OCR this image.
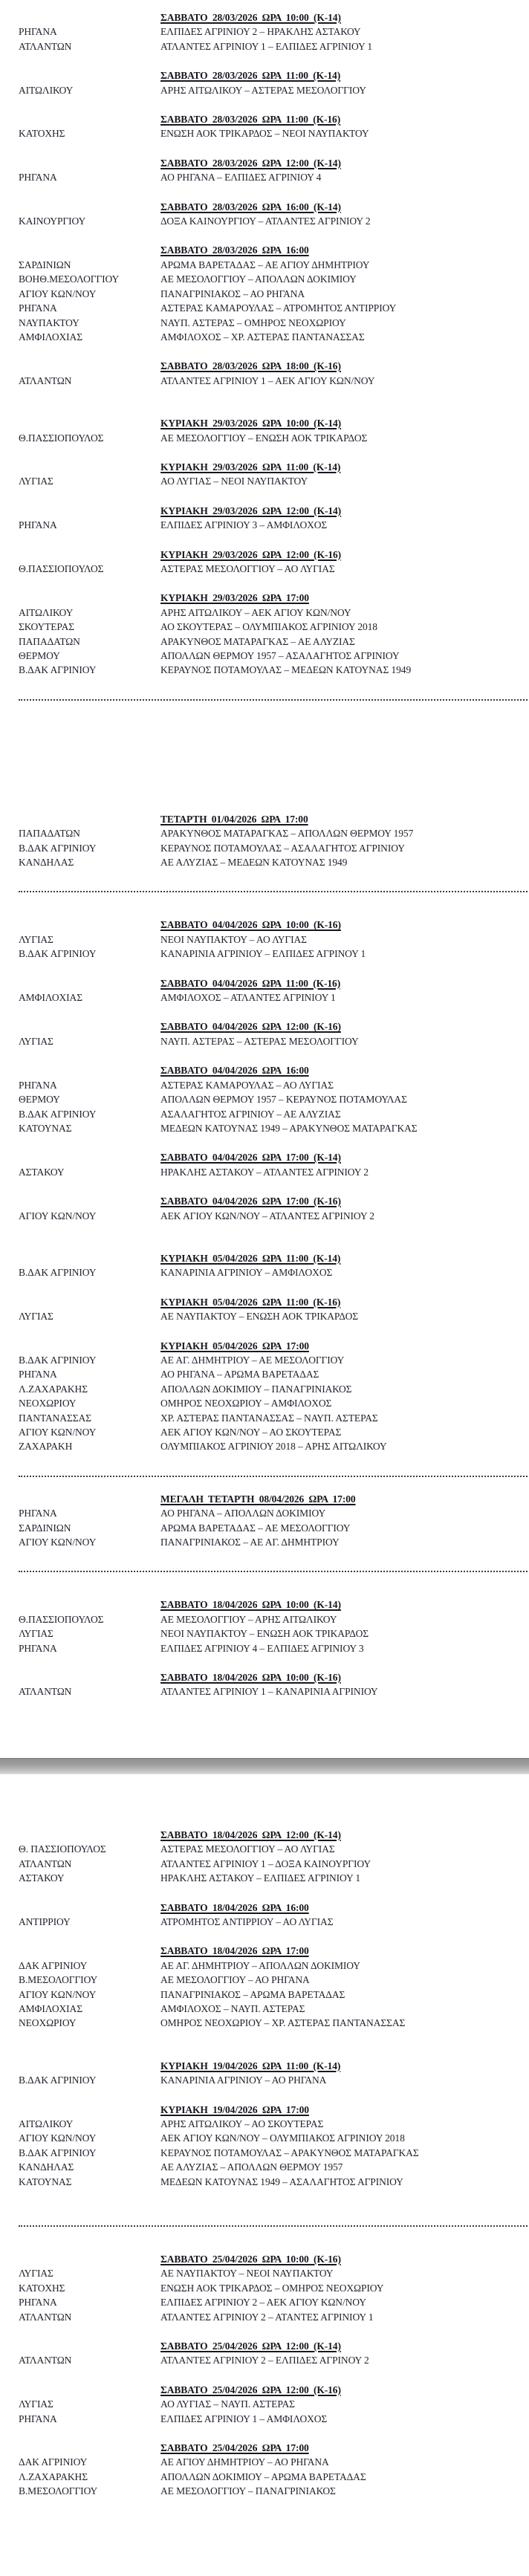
ΣΑΒΒΑΤΟ 28/03/2026 ΩΡΑ 10:00 (Κ-14)
ΡΗΓΑΝΑ	ΕΛΠΙΔΕΣ ΑΓΡΙΝΙΟΥ 2 – ΗΡΑΚΛΗΣ ΑΣΤΑΚΟΥ
ΑΤΛΑΝΤΩΝ	ΑΤΛΑΝΤΕΣ ΑΓΡΙΝΙΟΥ 1 – ΕΛΠΙΔΕΣ ΑΓΡΙΝΙΟΥ 1
ΣΑΒΒΑΤΟ 28/03/2026 ΩΡΑ 11:00 (Κ-14)
ΑΙΤΩΛΙΚΟΥ	ΑΡΗΣ ΑΙΤΩΛΙΚΟΥ – ΑΣΤΕΡΑΣ ΜΕΣΟΛΟΓΓΙΟΥ
ΣΑΒΒΑΤΟ 28/03/2026 ΩΡΑ 11:00 (Κ-16)
ΚΑΤΟΧΗΣ	ΕΝΩΣΗ ΑΟΚ ΤΡΙΚΑΡΔΟΣ – ΝΕΟΙ ΝΑΥΠΑΚΤΟΥ
ΣΑΒΒΑΤΟ 28/03/2026 ΩΡΑ 12:00 (Κ-14)
ΡΗΓΑΝΑ	ΑΟ ΡΗΓΑΝΑ – ΕΛΠΙΔΕΣ ΑΓΡΙΝΙΟΥ 4
ΣΑΒΒΑΤΟ 28/03/2026 ΩΡΑ 16:00 (Κ-14)
ΚΑΙΝΟΥΡΓΙΟΥ	ΔΟΞΑ ΚΑΙΝΟΥΡΓΙΟΥ – ΑΤΛΑΝΤΕΣ ΑΓΡΙΝΙΟΥ 2
ΣΑΒΒΑΤΟ 28/03/2026 ΩΡΑ 16:00
ΣΑΡΔΙΝΙΩΝ	ΑΡΩΜΑ ΒΑΡΕΤΑΔΑΣ – ΑΕ ΑΓΙΟΥ ΔΗΜΗΤΡΙΟΥ
ΒΟΗΘ.ΜΕΣΟΛΟΓΓΙΟΥ	ΑΕ ΜΕΣΟΛΟΓΓΙΟΥ – ΑΠΟΛΛΩΝ ΔΟΚΙΜΙΟΥ
ΑΓΙΟΥ ΚΩΝ/ΝΟΥ	ΠΑΝΑΓΡΙΝΙΑΚΟΣ – ΑΟ ΡΗΓΑΝΑ
ΡΗΓΑΝΑ	ΑΣΤΕΡΑΣ ΚΑΜΑΡΟΥΛΑΣ – ΑΤΡΟΜΗΤΟΣ ΑΝΤΙΡΡΙΟΥ
ΝΑΥΠΑΚΤΟΥ	ΝΑΥΠ. ΑΣΤΕΡΑΣ – ΟΜΗΡΟΣ ΝΕΟΧΩΡΙΟΥ
ΑΜΦΙΛΟΧΙΑΣ	ΑΜΦΙΛΟΧΟΣ – ΧΡ. ΑΣΤΕΡΑΣ ΠΑΝΤΑΝΑΣΣΑΣ
ΣΑΒΒΑΤΟ 28/03/2026 ΩΡΑ 18:00 (Κ-16)
ΑΤΛΑΝΤΩΝ	ΑΤΛΑΝΤΕΣ ΑΓΡΙΝΙΟΥ 1 – ΑΕΚ ΑΓΙΟΥ ΚΩΝ/ΝΟΥ
ΚΥΡΙΑΚΗ 29/03/2026 ΩΡΑ 10:00 (Κ-14)
Θ.ΠΑΣΣΙΟΠΟΥΛΟΣ	ΑΕ ΜΕΣΟΛΟΓΓΙΟΥ – ΕΝΩΣΗ ΑΟΚ ΤΡΙΚΑΡΔΟΣ
ΚΥΡΙΑΚΗ 29/03/2026 ΩΡΑ 11:00 (Κ-14)
ΛΥΓΙΑΣ	ΑΟ ΛΥΓΙΑΣ – ΝΕΟΙ ΝΑΥΠΑΚΤΟΥ
ΚΥΡΙΑΚΗ 29/03/2026 ΩΡΑ 12:00 (Κ-14)
ΡΗΓΑΝΑ	ΕΛΠΙΔΕΣ ΑΓΡΙΝΙΟΥ 3 – ΑΜΦΙΛΟΧΟΣ
ΚΥΡΙΑΚΗ 29/03/2026 ΩΡΑ 12:00 (Κ-16)
Θ.ΠΑΣΣΙΟΠΟΥΛΟΣ	ΑΣΤΕΡΑΣ ΜΕΣΟΛΟΓΓΙΟΥ – ΑΟ ΛΥΓΙΑΣ
ΚΥΡΙΑΚΗ 29/03/2026 ΩΡΑ 17:00
ΑΙΤΩΛΙΚΟΥ	ΑΡΗΣ ΑΙΤΩΛΙΚΟΥ – ΑΕΚ ΑΓΙΟΥ ΚΩΝ/ΝΟΥ
ΣΚΟΥΤΕΡΑΣ	ΑΟ ΣΚΟΥΤΕΡΑΣ – ΟΛΥΜΠΙΑΚΟΣ ΑΓΡΙΝΙΟΥ 2018
ΠΑΠΑΔΑΤΩΝ	ΑΡΑΚΥΝΘΟΣ ΜΑΤΑΡΑΓΚΑΣ – ΑΕ ΑΛΥΖΙΑΣ
ΘΕΡΜΟΥ	ΑΠΟΛΛΩΝ ΘΕΡΜΟΥ 1957 – ΑΣΑΛΑΓΗΤΟΣ ΑΓΡΙΝΙΟΥ
Β.ΔΑΚ ΑΓΡΙΝΙΟΥ	ΚΕΡΑΥΝΟΣ ΠΟΤΑΜΟΥΛΑΣ – ΜΕΔΕΩΝ ΚΑΤΟΥΝΑΣ 1949
ΤΕΤΑΡΤΗ 01/04/2026 ΩΡΑ 17:00
ΠΑΠΑΔΑΤΩΝ	ΑΡΑΚΥΝΘΟΣ ΜΑΤΑΡΑΓΚΑΣ – ΑΠΟΛΛΩΝ ΘΕΡΜΟΥ 1957
Β.ΔΑΚ ΑΓΡΙΝΙΟΥ	ΚΕΡΑΥΝΟΣ ΠΟΤΑΜΟΥΛΑΣ – ΑΣΑΛΑΓΗΤΟΣ ΑΓΡΙΝΙΟΥ
ΚΑΝΔΗΛΑΣ	ΑΕ ΑΛΥΖΙΑΣ – ΜΕΔΕΩΝ ΚΑΤΟΥΝΑΣ 1949
ΣΑΒΒΑΤΟ 04/04/2026 ΩΡΑ 10:00 (Κ-16)
ΛΥΓΙΑΣ	ΝΕΟΙ ΝΑΥΠΑΚΤΟΥ – ΑΟ ΛΥΓΙΑΣ
Β.ΔΑΚ ΑΓΡΙΝΙΟΥ	ΚΑΝΑΡΙΝΙΑ ΑΓΡΙΝΙΟΥ – ΕΛΠΙΔΕΣ ΑΓΡΙΝΟΥ 1
ΣΑΒΒΑΤΟ 04/04/2026 ΩΡΑ 11:00 (Κ-16)
ΑΜΦΙΛΟΧΙΑΣ	ΑΜΦΙΛΟΧΟΣ – ΑΤΛΑΝΤΕΣ ΑΓΡΙΝΙΟΥ 1
ΣΑΒΒΑΤΟ 04/04/2026 ΩΡΑ 12:00 (Κ-16)
ΛΥΓΙΑΣ	ΝΑΥΠ. ΑΣΤΕΡΑΣ – ΑΣΤΕΡΑΣ ΜΕΣΟΛΟΓΓΙΟΥ
ΣΑΒΒΑΤΟ 04/04/2026 ΩΡΑ 16:00
ΡΗΓΑΝΑ	ΑΣΤΕΡΑΣ ΚΑΜΑΡΟΥΛΑΣ – ΑΟ ΛΥΓΙΑΣ
ΘΕΡΜΟΥ	ΑΠΟΛΛΩΝ ΘΕΡΜΟΥ 1957 – ΚΕΡΑΥΝΟΣ ΠΟΤΑΜΟΥΛΑΣ
Β.ΔΑΚ ΑΓΡΙΝΙΟΥ	ΑΣΑΛΑΓΗΤΟΣ ΑΓΡΙΝΙΟΥ – ΑΕ ΑΛΥΖΙΑΣ
ΚΑΤΟΥΝΑΣ	ΜΕΔΕΩΝ ΚΑΤΟΥΝΑΣ 1949 – ΑΡΑΚΥΝΘΟΣ ΜΑΤΑΡΑΓΚΑΣ
ΣΑΒΒΑΤΟ 04/04/2026 ΩΡΑ 17:00 (Κ-14)
ΑΣΤΑΚΟΥ	ΗΡΑΚΛΗΣ ΑΣΤΑΚΟΥ – ΑΤΛΑΝΤΕΣ ΑΓΡΙΝΙΟΥ 2
ΣΑΒΒΑΤΟ 04/04/2026 ΩΡΑ 17:00 (Κ-16)
ΑΓΙΟΥ ΚΩΝ/ΝΟΥ	ΑΕΚ ΑΓΙΟΥ ΚΩΝ/ΝΟΥ – ΑΤΛΑΝΤΕΣ ΑΓΡΙΝΙΟΥ 2
ΚΥΡΙΑΚΗ 05/04/2026 ΩΡΑ 11:00 (Κ-14)
Β.ΔΑΚ ΑΓΡΙΝΙΟΥ	ΚΑΝΑΡΙΝΙΑ ΑΓΡΙΝΙΟΥ – ΑΜΦΙΛΟΧΟΣ
ΚΥΡΙΑΚΗ 05/04/2026 ΩΡΑ 11:00 (Κ-16)
ΛΥΓΙΑΣ	ΑΕ ΝΑΥΠΑΚΤΟΥ – ΕΝΩΣΗ ΑΟΚ ΤΡΙΚΑΡΔΟΣ
ΚΥΡΙΑΚΗ 05/04/2026 ΩΡΑ 17:00
Β.ΔΑΚ ΑΓΡΙΝΙΟΥ	ΑΕ ΑΓ. ΔΗΜΗΤΡΙΟΥ – ΑΕ ΜΕΣΟΛΟΓΓΙΟΥ
ΡΗΓΑΝΑ	ΑΟ ΡΗΓΑΝΑ – ΑΡΩΜΑ ΒΑΡΕΤΑΔΑΣ
Λ.ΖΑΧΑΡΑΚΗΣ	ΑΠΟΛΛΩΝ ΔΟΚΙΜΙΟΥ – ΠΑΝΑΓΡΙΝΙΑΚΟΣ
ΝΕΟΧΩΡΙΟΥ	ΟΜΗΡΟΣ ΝΕΟΧΩΡΙΟΥ – ΑΜΦΙΛΟΧΟΣ
ΠΑΝΤΑΝΑΣΣΑΣ	ΧΡ. ΑΣΤΕΡΑΣ ΠΑΝΤΑΝΑΣΣΑΣ – ΝΑΥΠ. ΑΣΤΕΡΑΣ
ΑΓΙΟΥ ΚΩΝ/ΝΟΥ	ΑΕΚ ΑΓΙΟΥ ΚΩΝ/ΝΟΥ – ΑΟ ΣΚΟΥΤΕΡΑΣ
ΖΑΧΑΡΑΚΗ	ΟΛΥΜΠΙΑΚΟΣ ΑΓΡΙΝΙΟΥ 2018 – ΑΡΗΣ ΑΙΤΩΛΙΚΟΥ
ΜΕΓΑΛΗ ΤΕΤΑΡΤΗ 08/04/2026 ΩΡΑ 17:00
ΡΗΓΑΝΑ	ΑΟ ΡΗΓΑΝΑ – ΑΠΟΛΛΩΝ ΔΟΚΙΜΙΟΥ
ΣΑΡΔΙΝΙΩΝ	ΑΡΩΜΑ ΒΑΡΕΤΑΔΑΣ – ΑΕ ΜΕΣΟΛΟΓΓΙΟΥ
ΑΓΙΟΥ ΚΩΝ/ΝΟΥ	ΠΑΝΑΓΡΙΝΙΑΚΟΣ – ΑΕ ΑΓ. ΔΗΜΗΤΡΙΟΥ
ΣΑΒΒΑΤΟ 18/04/2026 ΩΡΑ 10:00 (Κ-14)
Θ.ΠΑΣΣΙΟΠΟΥΛΟΣ	ΑΕ ΜΕΣΟΛΟΓΓΙΟΥ – ΑΡΗΣ ΑΙΤΩΛΙΚΟΥ
ΛΥΓΙΑΣ	ΝΕΟΙ ΝΑΥΠΑΚΤΟΥ – ΕΝΩΣΗ ΑΟΚ ΤΡΙΚΑΡΔΟΣ
ΡΗΓΑΝΑ	ΕΛΠΙΔΕΣ ΑΓΡΙΝΙΟΥ 4 – ΕΛΠΙΔΕΣ ΑΓΡΙΝΙΟΥ 3
ΣΑΒΒΑΤΟ 18/04/2026 ΩΡΑ 10:00 (Κ-16)
ΑΤΛΑΝΤΩΝ	ΑΤΛΑΝΤΕΣ ΑΓΡΙΝΙΟΥ 1 – ΚΑΝΑΡΙΝΙΑ ΑΓΡΙΝΙΟΥ
ΣΑΒΒΑΤΟ 18/04/2026 ΩΡΑ 12:00 (Κ-14)
Θ. ΠΑΣΣΙΟΠΟΥΛΟΣ	ΑΣΤΕΡΑΣ ΜΕΣΟΛΟΓΓΙΟΥ – ΑΟ ΛΥΓΙΑΣ
ΑΤΛΑΝΤΩΝ	ΑΤΛΑΝΤΕΣ ΑΓΡΙΝΙΟΥ 1 – ΔΟΞΑ ΚΑΙΝΟΥΡΓΙΟΥ
ΑΣΤΑΚΟΥ	ΗΡΑΚΛΗΣ ΑΣΤΑΚΟΥ – ΕΛΠΙΔΕΣ ΑΓΡΙΝΙΟΥ 1
ΣΑΒΒΑΤΟ 18/04/2026 ΩΡΑ 16:00
ΑΝΤΙΡΡΙΟΥ	ΑΤΡΟΜΗΤΟΣ ΑΝΤΙΡΡΙΟΥ – ΑΟ ΛΥΓΙΑΣ
ΣΑΒΒΑΤΟ 18/04/2026 ΩΡΑ 17:00
ΔΑΚ ΑΓΡΙΝΙΟΥ	ΑΕ ΑΓ. ΔΗΜΗΤΡΙΟΥ – ΑΠΟΛΛΩΝ ΔΟΚΙΜΙΟΥ
Β.ΜΕΣΟΛΟΓΓΙΟΥ	ΑΕ ΜΕΣΟΛΟΓΓΙΟΥ – ΑΟ ΡΗΓΑΝΑ
ΑΓΙΟΥ ΚΩΝ/ΝΟΥ	ΠΑΝΑΓΡΙΝΙΑΚΟΣ – ΑΡΩΜΑ ΒΑΡΕΤΑΔΑΣ
ΑΜΦΙΛΟΧΙΑΣ	ΑΜΦΙΛΟΧΟΣ – ΝΑΥΠ. ΑΣΤΕΡΑΣ
ΝΕΟΧΩΡΙΟΥ	ΟΜΗΡΟΣ ΝΕΟΧΩΡΙΟΥ – ΧΡ. ΑΣΤΕΡΑΣ ΠΑΝΤΑΝΑΣΣΑΣ
ΚΥΡΙΑΚΗ 19/04/2026 ΩΡΑ 11:00 (Κ-14)
Β.ΔΑΚ ΑΓΡΙΝΙΟΥ	ΚΑΝΑΡΙΝΙΑ ΑΓΡΙΝΙΟΥ – ΑΟ ΡΗΓΑΝΑ
ΚΥΡΙΑΚΗ 19/04/2026 ΩΡΑ 17:00
ΑΙΤΩΛΙΚΟΥ	ΑΡΗΣ ΑΙΤΩΛΙΚΟΥ – ΑΟ ΣΚΟΥΤΕΡΑΣ
ΑΓΙΟΥ ΚΩΝ/ΝΟΥ	ΑΕΚ ΑΓΙΟΥ ΚΩΝ/ΝΟΥ – ΟΛΥΜΠΙΑΚΟΣ ΑΓΡΙΝΙΟΥ 2018
Β.ΔΑΚ ΑΓΡΙΝΙΟΥ	ΚΕΡΑΥΝΟΣ ΠΟΤΑΜΟΥΛΑΣ – ΑΡΑΚΥΝΘΟΣ ΜΑΤΑΡΑΓΚΑΣ
ΚΑΝΔΗΛΑΣ	ΑΕ ΑΛΥΖΙΑΣ – ΑΠΟΛΛΩΝ ΘΕΡΜΟΥ 1957
ΚΑΤΟΥΝΑΣ	ΜΕΔΕΩΝ ΚΑΤΟΥΝΑΣ 1949 – ΑΣΑΛΑΓΗΤΟΣ ΑΓΡΙΝΙΟΥ
ΣΑΒΒΑΤΟ 25/04/2026 ΩΡΑ 10:00 (Κ-16)
ΛΥΓΙΑΣ	ΑΕ ΝΑΥΠΑΚΤΟΥ – ΝΕΟΙ ΝΑΥΠΑΚΤΟΥ
ΚΑΤΟΧΗΣ	ΕΝΩΣΗ ΑΟΚ ΤΡΙΚΑΡΔΟΣ – ΟΜΗΡΟΣ ΝΕΟΧΩΡΙΟΥ
ΡΗΓΑΝΑ	ΕΛΠΙΔΕΣ ΑΓΡΙΝΙΟΥ 2 – ΑΕΚ ΑΓΙΟΥ ΚΩΝ/ΝΟΥ
ΑΤΛΑΝΤΩΝ	ΑΤΛΑΝΤΕΣ ΑΓΡΙΝΙΟΥ 2 – ΑΤΑΝΤΕΣ ΑΓΡΙΝΙΟΥ 1
ΣΑΒΒΑΤΟ 25/04/2026 ΩΡΑ 12:00 (Κ-14)
ΑΤΛΑΝΤΩΝ	ΑΤΛΑΝΤΕΣ ΑΓΡΙΝΙΟΥ 2 – ΕΛΠΙΔΕΣ ΑΓΡΙΝΟΥ 2
ΣΑΒΒΑΤΟ 25/04/2026 ΩΡΑ 12:00 (Κ-16)
ΛΥΓΙΑΣ	ΑΟ ΛΥΓΙΑΣ – ΝΑΥΠ. ΑΣΤΕΡΑΣ
ΡΗΓΑΝΑ	ΕΛΠΙΔΕΣ ΑΓΡΙΝΙΟΥ 1 – ΑΜΦΙΛΟΧΟΣ
ΣΑΒΒΑΤΟ 25/04/2026 ΩΡΑ 17:00
ΔΑΚ ΑΓΡΙΝΙΟΥ	ΑΕ ΑΓΙΟΥ ΔΗΜΗΤΡΙΟΥ – ΑΟ ΡΗΓΑΝΑ
Λ.ΖΑΧΑΡΑΚΗΣ	ΑΠΟΛΛΩΝ ΔΟΚΙΜΙΟΥ – ΑΡΩΜΑ ΒΑΡΕΤΑΔΑΣ
Β.ΜΕΣΟΛΟΓΓΙΟΥ	ΑΕ ΜΕΣΟΛΟΓΓΙΟΥ – ΠΑΝΑΓΡΙΝΙΑΚΟΣ
